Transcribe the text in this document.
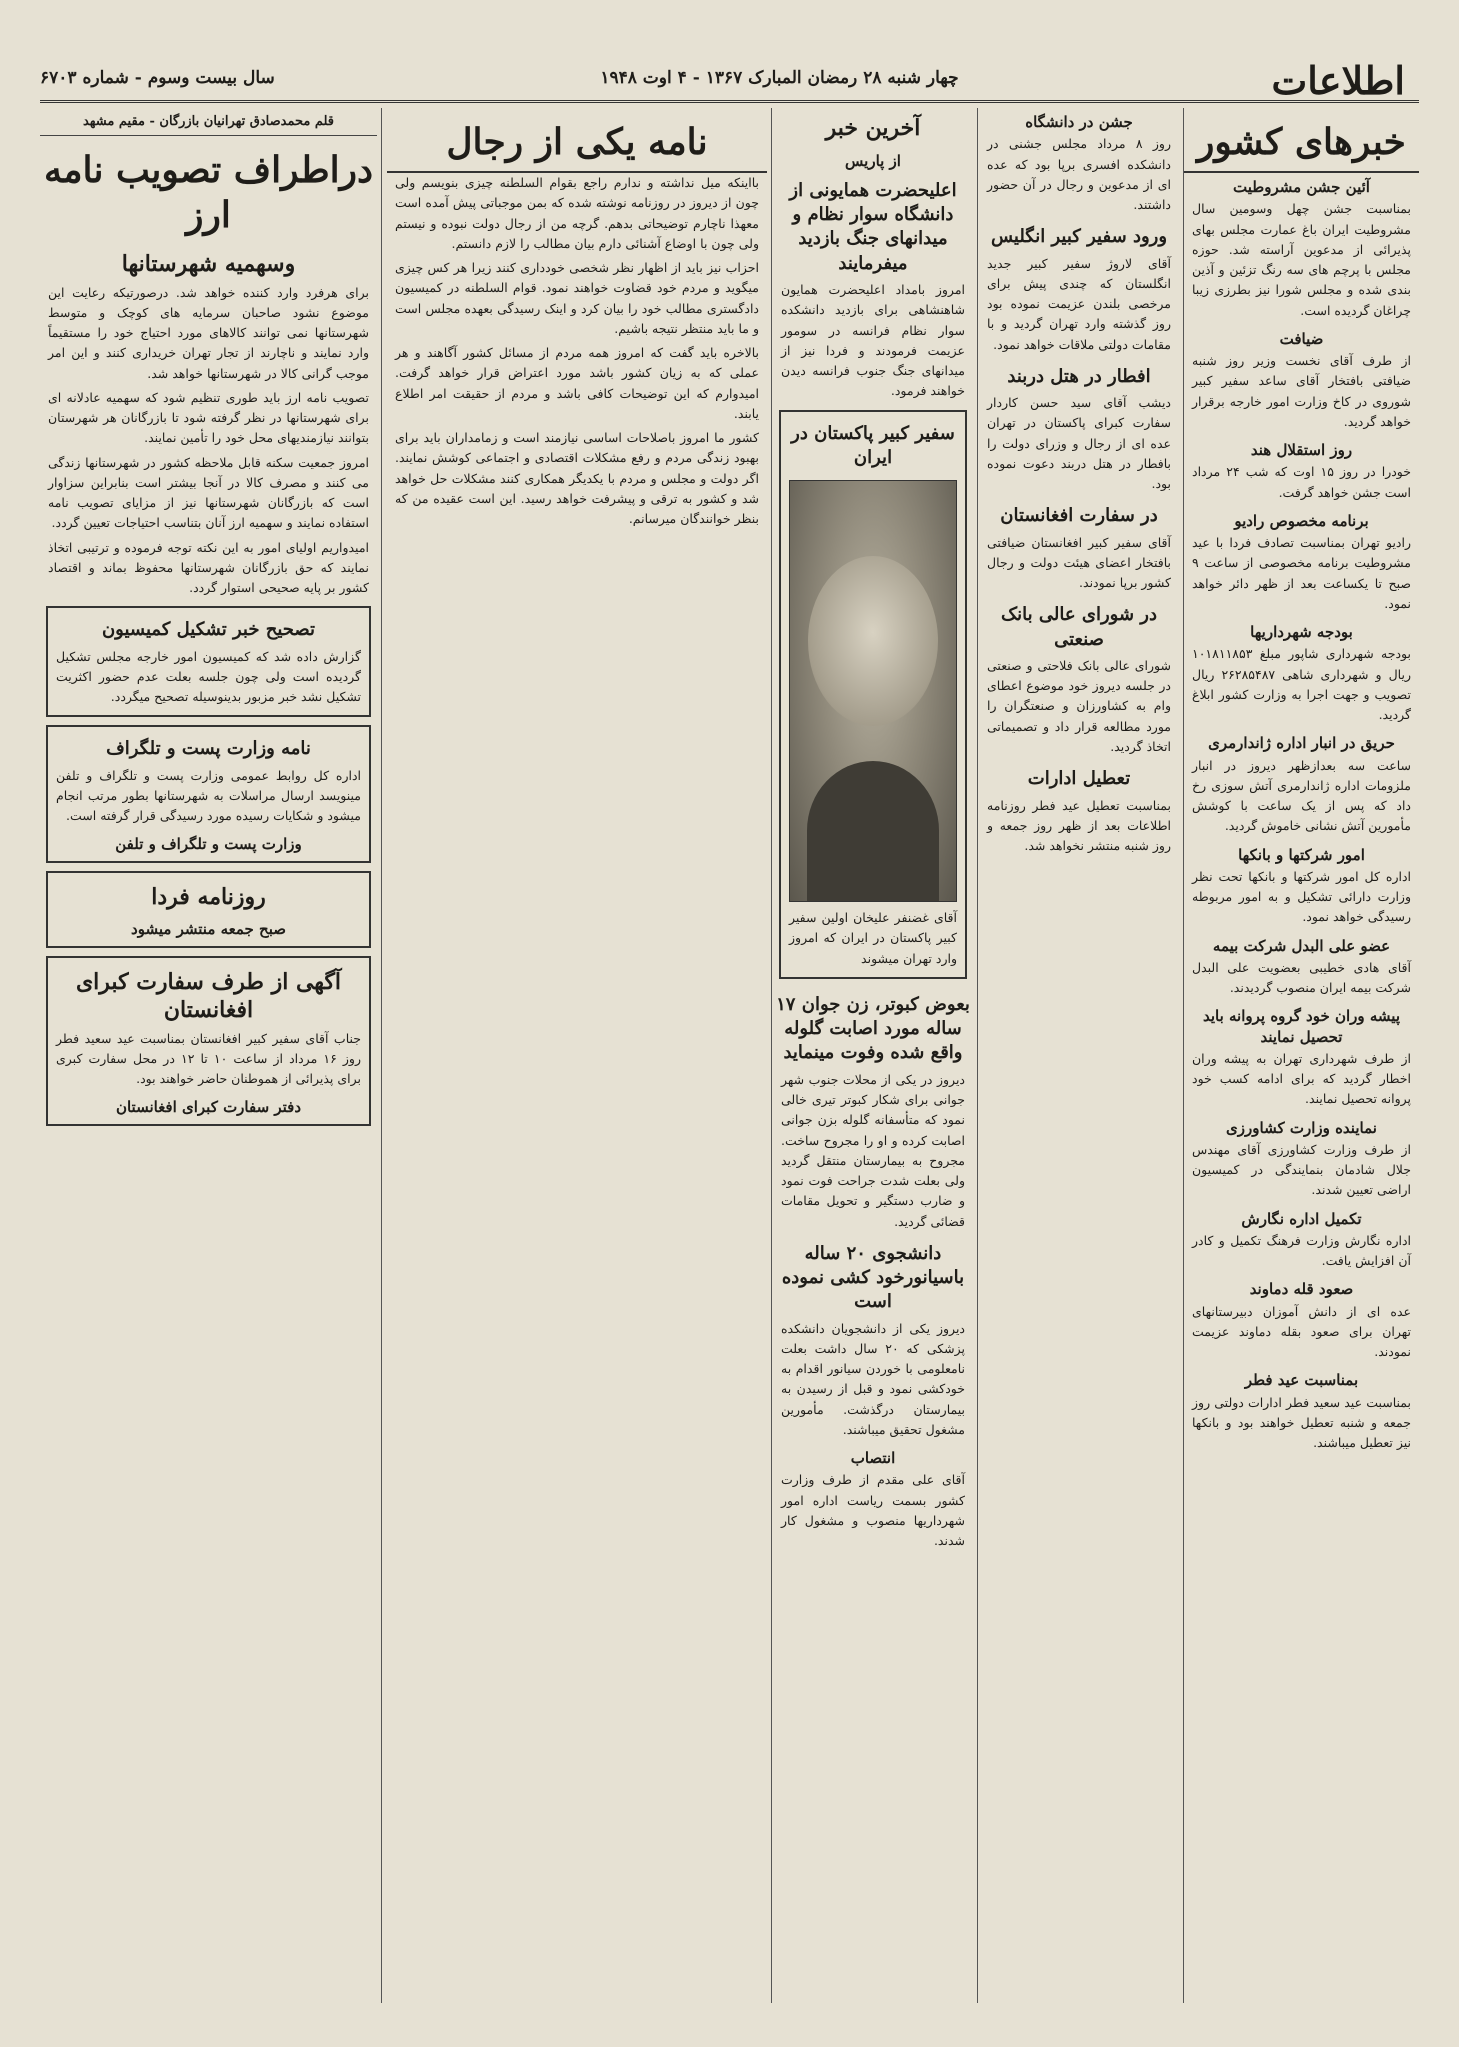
اطلاعات
چهار شنبه ۲۸ رمضان المبارک ۱۳۶۷ - ۴ اوت ۱۹۴۸
سال بیست وسوم - شماره ۶۷۰۳
خبرهای کشور
آئین جشن مشروطیت

بمناسبت جشن چهل وسومین سال مشروطیت ایران باغ عمارت مجلس بهای پذیرائی از مدعوین آراسته شد. حوزه مجلس با پرچم های سه رنگ تزئین و آذین بندی شده و مجلس شورا نیز بطرزی زیبا چراغان گردیده است.

ضیافت

از طرف آقای نخست وزیر روز شنبه ضیافتی بافتخار آقای ساعد سفیر کبیر شوروی در کاخ وزارت امور خارجه برقرار خواهد گردید.

روز استقلال هند

خودرا در روز ۱۵ اوت که شب ۲۴ مرداد است جشن خواهد گرفت.

برنامه مخصوص رادیو

رادیو تهران بمناسبت تصادف فردا با عید مشروطیت برنامه مخصوصی از ساعت ۹ صبح تا یکساعت بعد از ظهر دائر خواهد نمود.

بودجه شهرداریها

بودجه شهرداری شاپور مبلغ ۱۰۱۸۱۱۸۵۳ ریال و شهرداری شاهی ۲۶۲۸۵۴۸۷ ریال تصویب و جهت اجرا به وزارت کشور ابلاغ گردید.

حریق در انبار اداره ژاندارمری

ساعت سه بعدازظهر دیروز در انبار ملزومات اداره ژاندارمری آتش سوزی رخ داد که پس از یک ساعت با کوشش مأمورین آتش نشانی خاموش گردید.

امور شرکتها و بانکها

اداره کل امور شرکتها و بانکها تحت نظر وزارت دارائی تشکیل و به امور مربوطه رسیدگی خواهد نمود.

عضو علی البدل شرکت بیمه

آقای هادی خطیبی بعضویت علی البدل شرکت بیمه ایران منصوب گردیدند.

پیشه وران خود گروه پروانه باید تحصیل نمایند

از طرف شهرداری تهران به پیشه وران اخطار گردید که برای ادامه کسب خود پروانه تحصیل نمایند.

نماینده وزارت کشاورزی

از طرف وزارت کشاورزی آقای مهندس جلال شادمان بنمایندگی در کمیسیون اراضی تعیین شدند.

تکمیل اداره نگارش

اداره نگارش وزارت فرهنگ تکمیل و کادر آن افزایش یافت.

صعود قله دماوند

عده ای از دانش آموزان دبیرستانهای تهران برای صعود بقله دماوند عزیمت نمودند.

بمناسبت عید فطر

بمناسبت عید سعید فطر ادارات دولتی روز جمعه و شنبه تعطیل خواهند بود و بانکها نیز تعطیل میباشند.

جشن در دانشگاه

روز ۸ مرداد مجلس جشنی در دانشکده افسری برپا بود که عده ای از مدعوین و رجال در آن حضور داشتند.

ورود سفیر کبیر انگلیس

آقای لاروژ سفیر کبیر جدید انگلستان که چندی پیش برای مرخصی بلندن عزیمت نموده بود روز گذشته وارد تهران گردید و با مقامات دولتی ملاقات خواهد نمود.

افطار در هتل دربند

دیشب آقای سید حسن کاردار سفارت کبرای پاکستان در تهران عده ای از رجال و وزرای دولت را بافطار در هتل دربند دعوت نموده بود.

در سفارت افغانستان

آقای سفیر کبیر افغانستان ضیافتی بافتخار اعضای هیئت دولت و رجال کشور برپا نمودند.

در شورای عالی بانک صنعتی

شورای عالی بانک فلاحتی و صنعتی در جلسه دیروز خود موضوع اعطای وام به کشاورزان و صنعتگران را مورد مطالعه قرار داد و تصمیماتی اتخاذ گردید.

تعطیل ادارات

بمناسبت تعطیل عید فطر روزنامه اطلاعات بعد از ظهر روز جمعه و روز شنبه منتشر نخواهد شد.

آخرین خبر
از پاریس
اعلیحضرت همایونی از دانشگاه سوار نظام و میدانهای جنگ بازدید میفرمایند

امروز بامداد اعلیحضرت همایون شاهنشاهی برای بازدید دانشکده سوار نظام فرانسه در سومور عزیمت فرمودند و فردا نیز از میدانهای جنگ جنوب فرانسه دیدن خواهند فرمود.

سفیر کبیر پاکستان در ایران

آقای غضنفر علیخان اولین سفیر کبیر پاکستان در ایران که امروز وارد تهران میشوند

بعوض کبوتر، زن جوان ۱۷ ساله مورد اصابت گلوله واقع شده وفوت مینماید

دیروز در یکی از محلات جنوب شهر جوانی برای شکار کبوتر تیری خالی نمود که متأسفانه گلوله بزن جوانی اصابت کرده و او را مجروح ساخت. مجروح به بیمارستان منتقل گردید ولی بعلت شدت جراحت فوت نمود و ضارب دستگیر و تحویل مقامات قضائی گردید.

دانشجوی ۲۰ ساله باسیانورخود کشی نموده است

دیروز یکی از دانشجویان دانشکده پزشکی که ۲۰ سال داشت بعلت نامعلومی با خوردن سیانور اقدام به خودکشی نمود و قبل از رسیدن به بیمارستان درگذشت. مأمورین مشغول تحقیق میباشند.

انتصاب

آقای علی مقدم از طرف وزارت کشور بسمت ریاست اداره امور شهرداریها منصوب و مشغول کار شدند.

نامه یکی از رجال

بااینکه میل نداشته و ندارم راجع بقوام السلطنه چیزی بنویسم ولی چون از دیروز در روزنامه نوشته شده که بمن موجباتی پیش آمده است معهذا ناچارم توضیحاتی بدهم. گرچه من از رجال دولت نبوده و نیستم ولی چون با اوضاع آشنائی دارم بیان مطالب را لازم دانستم.

احزاب نیز باید از اظهار نظر شخصی خودداری کنند زیرا هر کس چیزی میگوید و مردم خود قضاوت خواهند نمود. قوام السلطنه در کمیسیون دادگستری مطالب خود را بیان کرد و اینک رسیدگی بعهده مجلس است و ما باید منتظر نتیجه باشیم.

بالاخره باید گفت که امروز همه مردم از مسائل کشور آگاهند و هر عملی که به زیان کشور باشد مورد اعتراض قرار خواهد گرفت. امیدوارم که این توضیحات کافی باشد و مردم از حقیقت امر اطلاع یابند.

کشور ما امروز باصلاحات اساسی نیازمند است و زمامداران باید برای بهبود زندگی مردم و رفع مشکلات اقتصادی و اجتماعی کوشش نمایند. اگر دولت و مجلس و مردم با یکدیگر همکاری کنند مشکلات حل خواهد شد و کشور به ترقی و پیشرفت خواهد رسید. این است عقیده من که بنظر خوانندگان میرسانم.

قلم محمدصادق تهرانیان بازرگان - مقیم مشهد
دراطراف تصویب نامه ارز
وسهمیه شهرستانها

برای هرفرد وارد کننده خواهد شد. درصورتیکه رعایت این موضوع نشود صاحبان سرمایه های کوچک و متوسط شهرستانها نمی توانند کالاهای مورد احتیاج خود را مستقیماً وارد نمایند و ناچارند از تجار تهران خریداری کنند و این امر موجب گرانی کالا در شهرستانها خواهد شد.

تصویب نامه ارز باید طوری تنظیم شود که سهمیه عادلانه ای برای شهرستانها در نظر گرفته شود تا بازرگانان هر شهرستان بتوانند نیازمندیهای محل خود را تأمین نمایند.

امروز جمعیت سکنه قابل ملاحظه کشور در شهرستانها زندگی می کنند و مصرف کالا در آنجا بیشتر است بنابراین سزاوار است که بازرگانان شهرستانها نیز از مزایای تصویب نامه استفاده نمایند و سهمیه ارز آنان بتناسب احتیاجات تعیین گردد.

امیدواریم اولیای امور به این نکته توجه فرموده و ترتیبی اتخاذ نمایند که حق بازرگانان شهرستانها محفوظ بماند و اقتصاد کشور بر پایه صحیحی استوار گردد.

تصحیح خبر تشکیل کمیسیون

گزارش داده شد که کمیسیون امور خارجه مجلس تشکیل گردیده است ولی چون جلسه بعلت عدم حضور اکثریت تشکیل نشد خبر مزبور بدینوسیله تصحیح میگردد.

نامه وزارت پست و تلگراف

اداره کل روابط عمومی وزارت پست و تلگراف و تلفن مینویسد ارسال مراسلات به شهرستانها بطور مرتب انجام میشود و شکایات رسیده مورد رسیدگی قرار گرفته است.

وزارت پست و تلگراف و تلفن
روزنامه فردا
صبح جمعه منتشر میشود
آگهی از طرف سفارت کبرای افغانستان

جناب آقای سفیر کبیر افغانستان بمناسبت عید سعید فطر روز ۱۶ مرداد از ساعت ۱۰ تا ۱۲ در محل سفارت کبری برای پذیرائی از هموطنان حاضر خواهند بود.

دفتر سفارت کبرای افغانستان
